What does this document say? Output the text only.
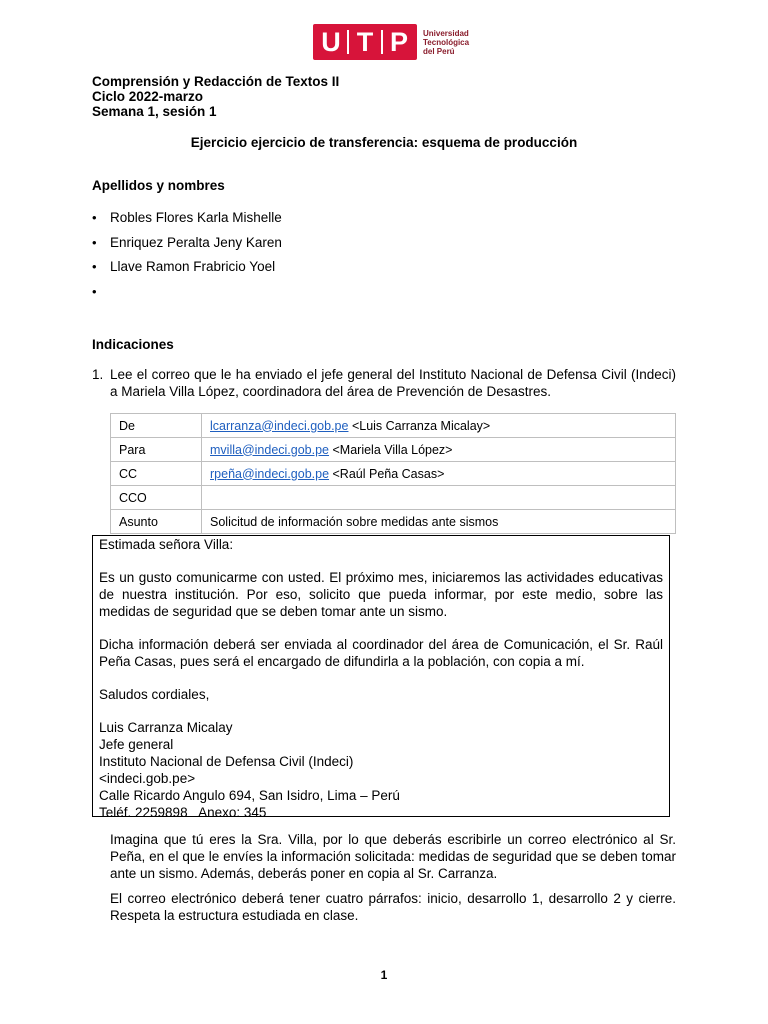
U T P	Universidad
Tecnológica
del Perú
Comprensión y Redacción de Textos II
Ciclo 2022-marzo
Semana 1, sesión 1
Ejercicio ejercicio de transferencia: esquema de producción
Apellidos y nombres
• Robles Flores Karla Mishelle
• Enriquez Peralta Jeny Karen
• Llave Ramon Frabricio Yoel
•
Indicaciones
1. Lee el correo que le ha enviado el jefe general del Instituto Nacional de Defensa Civil (Indeci) a Mariela Villa López, coordinadora del área de Prevención de Desastres.
De	lcarranza@indeci.gob.pe <Luis Carranza Micalay>
Para	mvilla@indeci.gob.pe <Mariela Villa López>
CC	rpeña@indeci.gob.pe <Raúl Peña Casas>
CCO	
Asunto	Solicitud de información sobre medidas ante sismos
Estimada señora Villa:
Es un gusto comunicarme con usted. El próximo mes, iniciaremos las actividades educativas de nuestra institución. Por eso, solicito que pueda informar, por este medio, sobre las medidas de seguridad que se deben tomar ante un sismo.
Dicha información deberá ser enviada al coordinador del área de Comunicación, el Sr. Raúl Peña Casas, pues será el encargado de difundirla a la población, con copia a mí.
Saludos cordiales,
Luis Carranza Micalay
Jefe general
Instituto Nacional de Defensa Civil (Indeci)
<indeci.gob.pe>
Calle Ricardo Angulo 694, San Isidro, Lima – Perú
Teléf. 2259898   Anexo: 345

Imagina que tú eres la Sra. Villa, por lo que deberás escribirle un correo electrónico al Sr. Peña, en el que le envíes la información solicitada: medidas de seguridad que se deben tomar ante un sismo. Además, deberás poner en copia al Sr. Carranza.

El correo electrónico deberá tener cuatro párrafos: inicio, desarrollo 1, desarrollo 2 y cierre. Respeta la estructura estudiada en clase.

1
